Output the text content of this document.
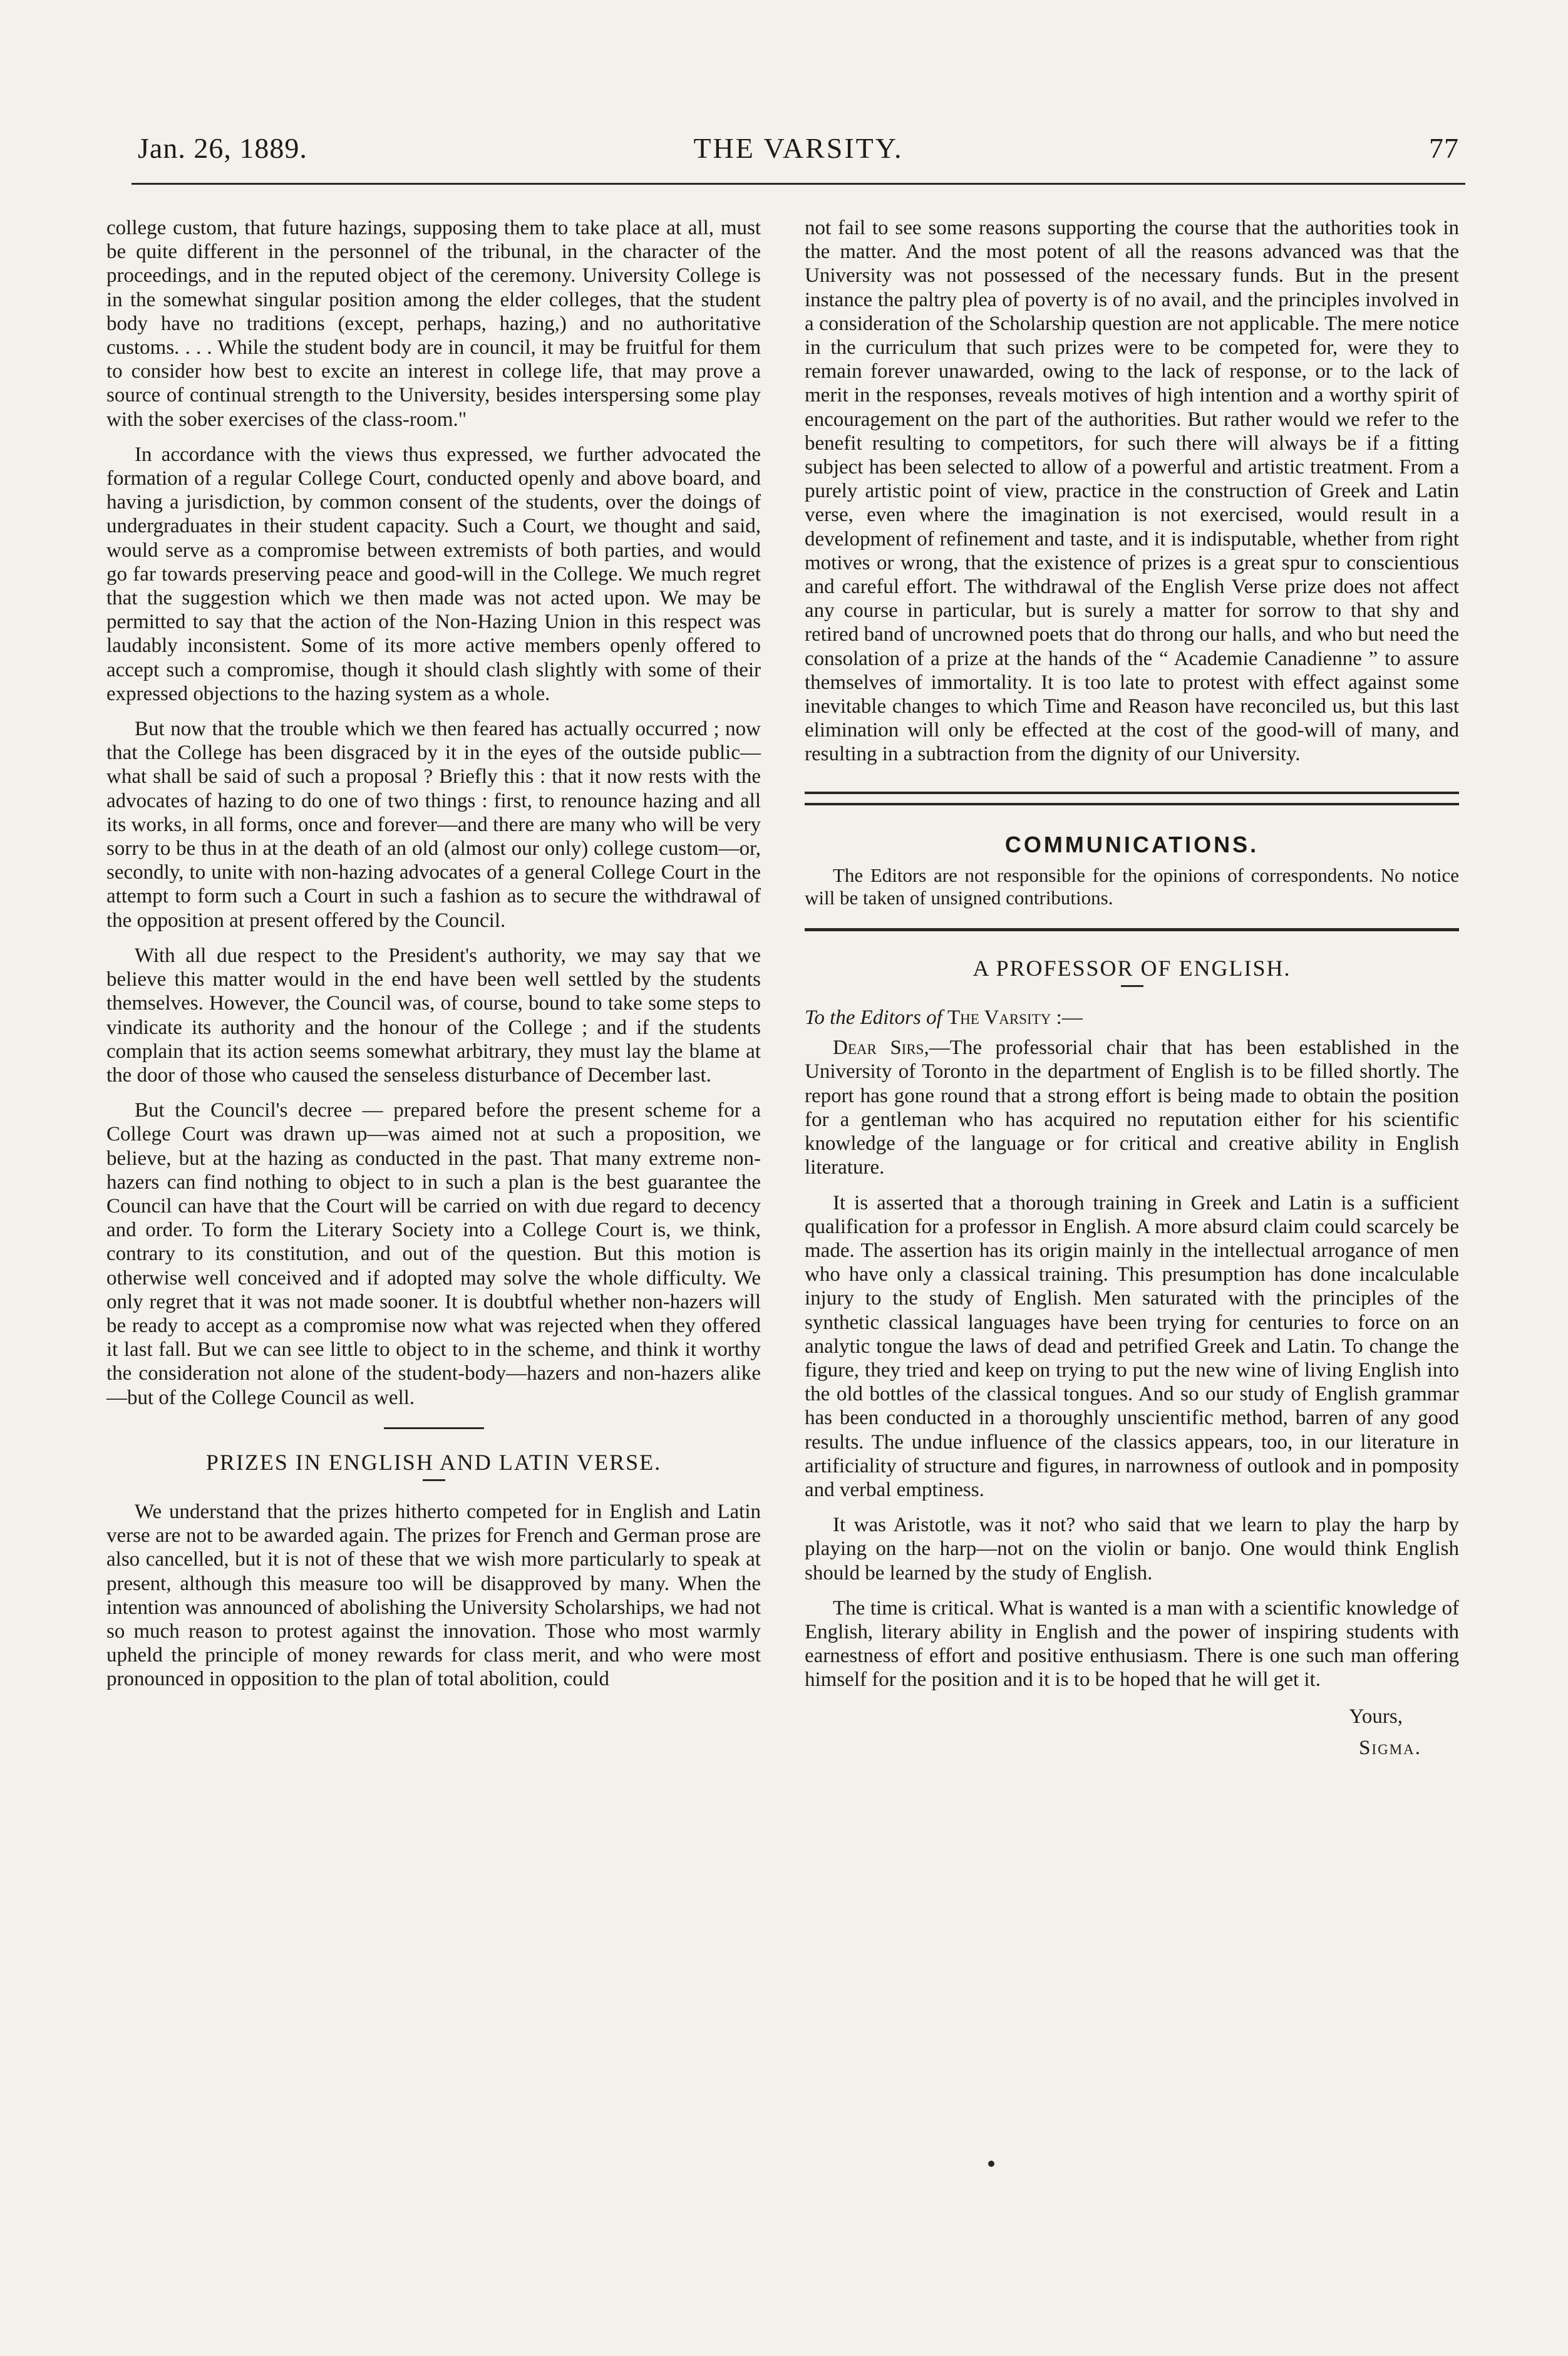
Jan. 26, 1889.	THE VARSITY.	77

college custom, that future hazings, supposing them to take place at all, must be quite different in the personnel of the tribunal, in the character of the proceedings, and in the reputed object of the ceremony. University College is in the somewhat singular position among the elder colleges, that the student body have no traditions (except, perhaps, hazing,) and no authoritative customs. . . . While the student body are in council, it may be fruitful for them to consider how best to excite an interest in college life, that may prove a source of continual strength to the University, besides interspersing some play with the sober exercises of the class-room."

In accordance with the views thus expressed, we further advocated the formation of a regular College Court, conducted openly and above board, and having a jurisdiction, by common consent of the students, over the doings of undergraduates in their student capacity. Such a Court, we thought and said, would serve as a compromise between extremists of both parties, and would go far towards preserving peace and good-will in the College. We much regret that the suggestion which we then made was not acted upon. We may be permitted to say that the action of the Non-Hazing Union in this respect was laudably inconsistent. Some of its more active members openly offered to accept such a compromise, though it should clash slightly with some of their expressed objections to the hazing system as a whole.

But now that the trouble which we then feared has actually occurred ; now that the College has been disgraced by it in the eyes of the outside public—what shall be said of such a proposal ? Briefly this : that it now rests with the advocates of hazing to do one of two things : first, to renounce hazing and all its works, in all forms, once and forever—and there are many who will be very sorry to be thus in at the death of an old (almost our only) college custom—or, secondly, to unite with non-hazing advocates of a general College Court in the attempt to form such a Court in such a fashion as to secure the withdrawal of the opposition at present offered by the Council.

With all due respect to the President's authority, we may say that we believe this matter would in the end have been well settled by the students themselves. However, the Council was, of course, bound to take some steps to vindicate its authority and the honour of the College ; and if the students complain that its action seems somewhat arbitrary, they must lay the blame at the door of those who caused the senseless disturbance of December last.

But the Council's decree — prepared before the present scheme for a College Court was drawn up—was aimed not at such a proposition, we believe, but at the hazing as conducted in the past. That many extreme non-hazers can find nothing to object to in such a plan is the best guarantee the Council can have that the Court will be carried on with due regard to decency and order. To form the Literary Society into a College Court is, we think, contrary to its constitution, and out of the question. But this motion is otherwise well conceived and if adopted may solve the whole difficulty. We only regret that it was not made sooner. It is doubtful whether non-hazers will be ready to accept as a compromise now what was rejected when they offered it last fall. But we can see little to object to in the scheme, and think it worthy the consideration not alone of the student-body—hazers and non-hazers alike—but of the College Council as well.

PRIZES IN ENGLISH AND LATIN VERSE.

We understand that the prizes hitherto competed for in English and Latin verse are not to be awarded again. The prizes for French and German prose are also cancelled, but it is not of these that we wish more particularly to speak at present, although this measure too will be disapproved by many. When the intention was announced of abolishing the University Scholarships, we had not so much reason to protest against the innovation. Those who most warmly upheld the principle of money rewards for class merit, and who were most pronounced in opposition to the plan of total abolition, could

not fail to see some reasons supporting the course that the authorities took in the matter. And the most potent of all the reasons advanced was that the University was not possessed of the necessary funds. But in the present instance the paltry plea of poverty is of no avail, and the principles involved in a consideration of the Scholarship question are not applicable. The mere notice in the curriculum that such prizes were to be competed for, were they to remain forever unawarded, owing to the lack of response, or to the lack of merit in the responses, reveals motives of high intention and a worthy spirit of encouragement on the part of the authorities. But rather would we refer to the benefit resulting to competitors, for such there will always be if a fitting subject has been selected to allow of a powerful and artistic treatment. From a purely artistic point of view, practice in the construction of Greek and Latin verse, even where the imagination is not exercised, would result in a development of refinement and taste, and it is indisputable, whether from right motives or wrong, that the existence of prizes is a great spur to conscientious and careful effort. The withdrawal of the English Verse prize does not affect any course in particular, but is surely a matter for sorrow to that shy and retired band of uncrowned poets that do throng our halls, and who but need the consolation of a prize at the hands of the “ Academie Canadienne ” to assure themselves of immortality. It is too late to protest with effect against some inevitable changes to which Time and Reason have reconciled us, but this last elimination will only be effected at the cost of the good-will of many, and resulting in a subtraction from the dignity of our University.

COMMUNICATIONS.

The Editors are not responsible for the opinions of correspondents. No notice will be taken of unsigned contributions.

A PROFESSOR OF ENGLISH.

To the Editors of The Varsity :—

Dear Sirs,—The professorial chair that has been established in the University of Toronto in the department of English is to be filled shortly. The report has gone round that a strong effort is being made to obtain the position for a gentleman who has acquired no reputation either for his scientific knowledge of the language or for critical and creative ability in English literature.

It is asserted that a thorough training in Greek and Latin is a sufficient qualification for a professor in English. A more absurd claim could scarcely be made. The assertion has its origin mainly in the intellectual arrogance of men who have only a classical training. This presumption has done incalculable injury to the study of English. Men saturated with the principles of the synthetic classical languages have been trying for centuries to force on an analytic tongue the laws of dead and petrified Greek and Latin. To change the figure, they tried and keep on trying to put the new wine of living English into the old bottles of the classical tongues. And so our study of English grammar has been conducted in a thoroughly unscientific method, barren of any good results. The undue influence of the classics appears, too, in our literature in artificiality of structure and figures, in narrowness of outlook and in pomposity and verbal emptiness.

It was Aristotle, was it not? who said that we learn to play the harp by playing on the harp—not on the violin or banjo. One would think English should be learned by the study of English.

The time is critical. What is wanted is a man with a scientific knowledge of English, literary ability in English and the power of inspiring students with earnestness of effort and positive enthusiasm. There is one such man offering himself for the position and it is to be hoped that he will get it.

Yours,
Sigma.
